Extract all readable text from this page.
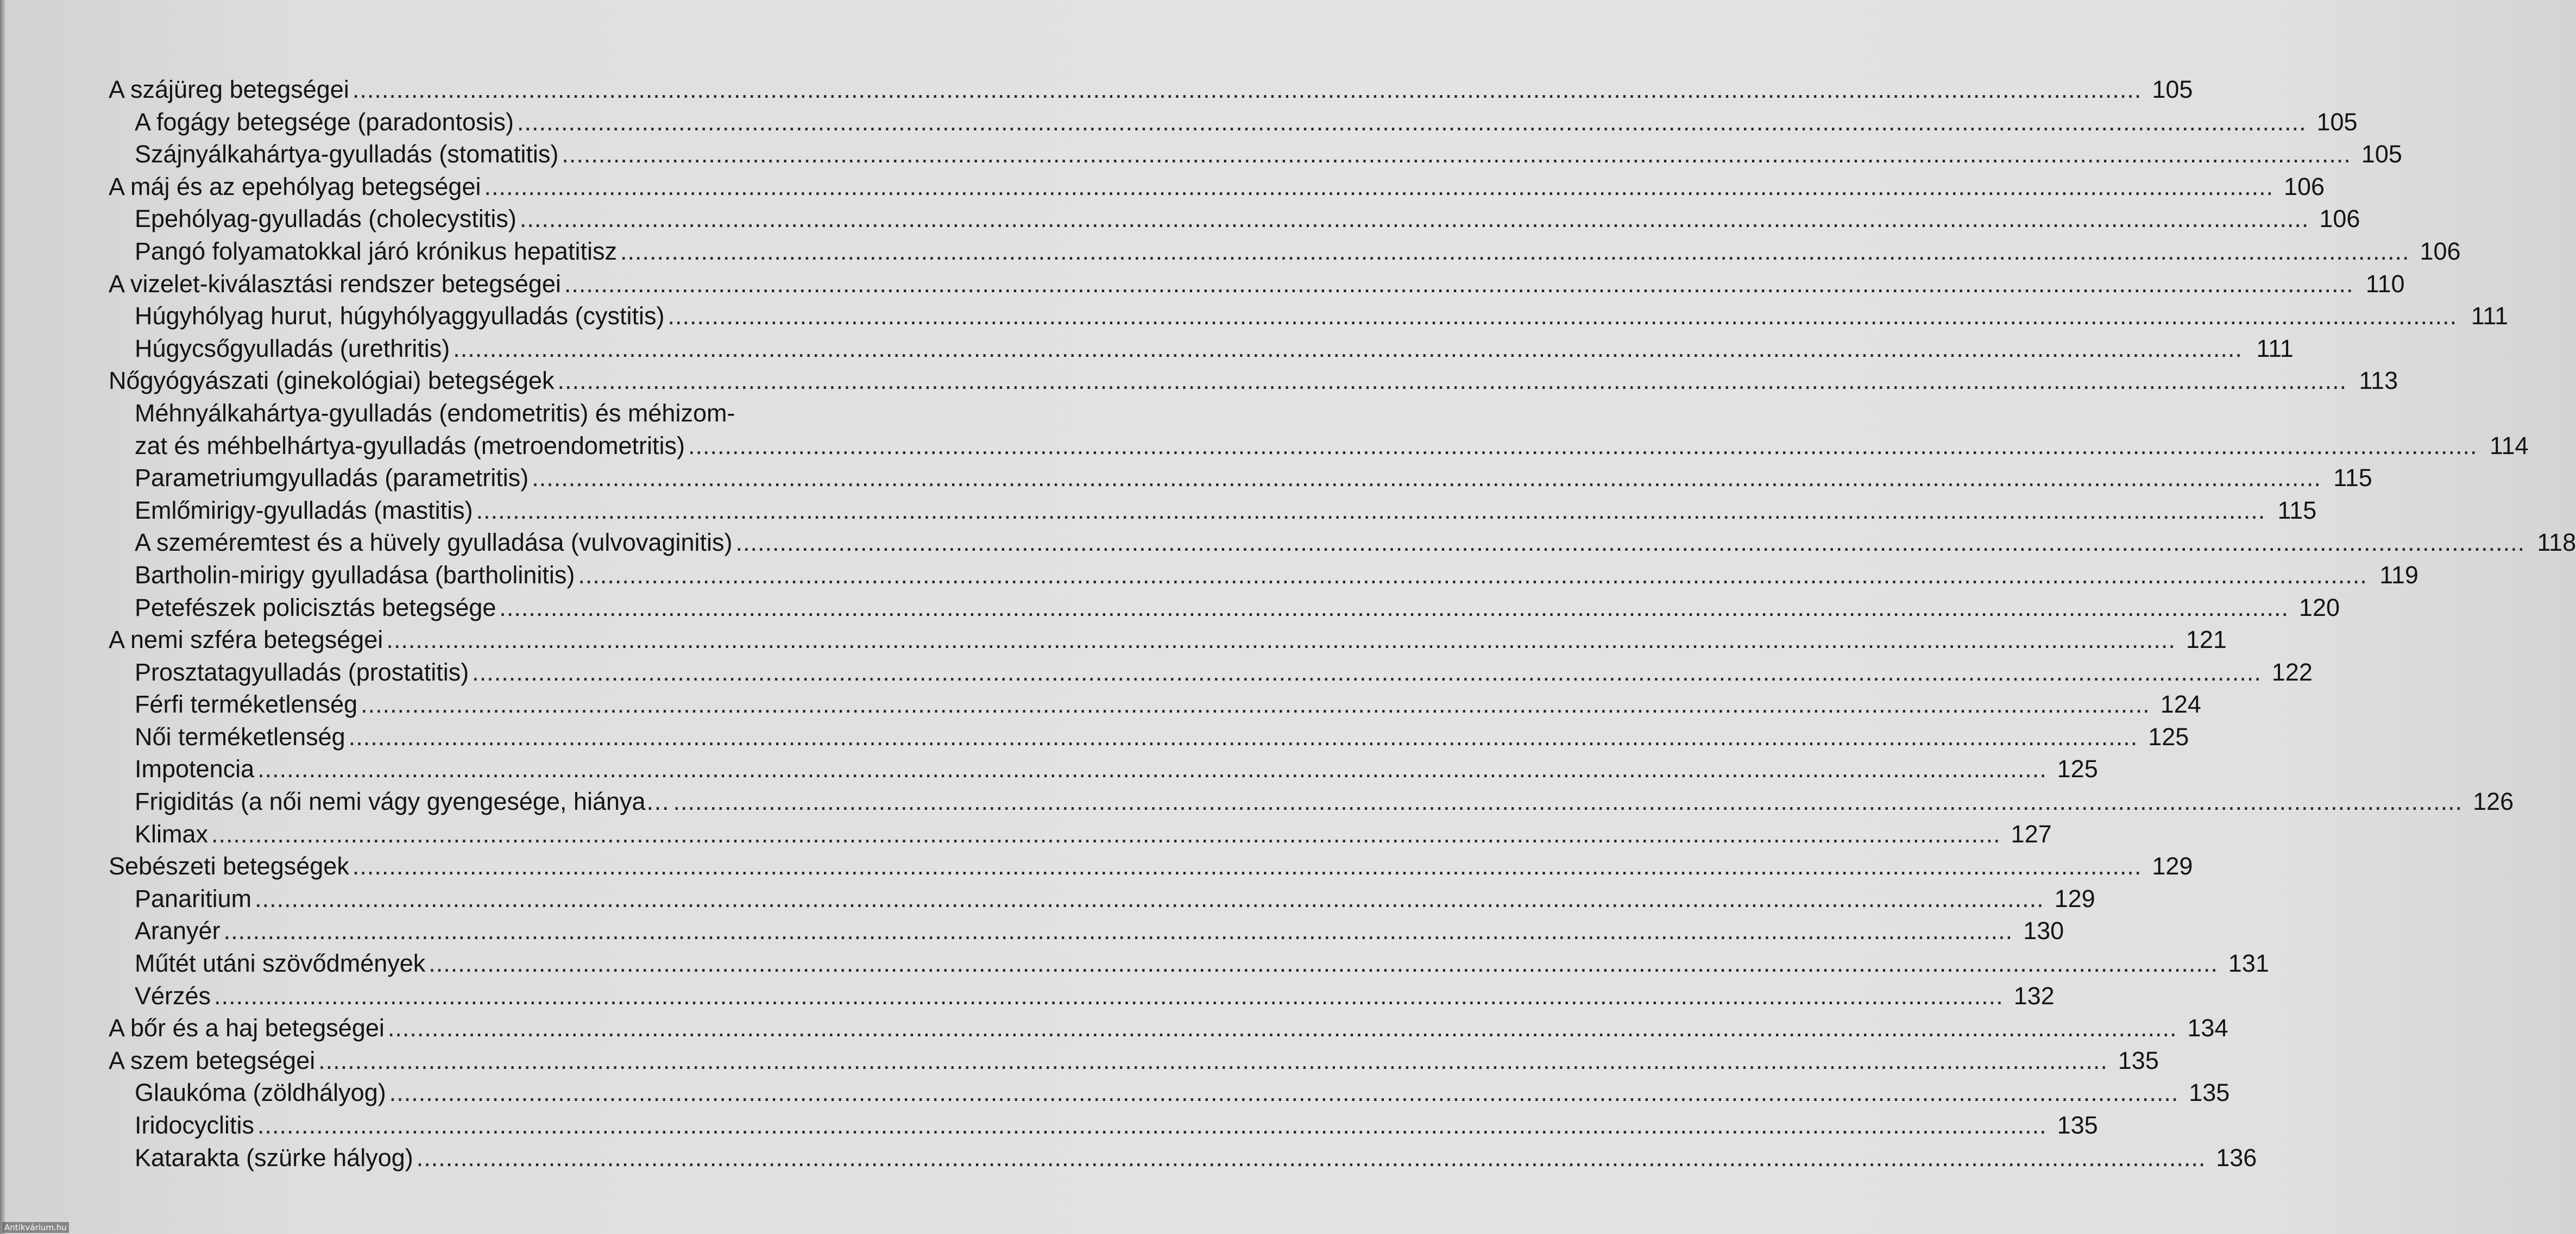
A szájüreg betegségei .....	105
A fogágy betegsége (paradontosis) .....	105
Szájnyálkahártya-gyulladás (stomatitis) .....	105
A máj és az epehólyag betegségei .....	106
Epehólyag-gyulladás (cholecystitis) .....	106
Pangó folyamatokkal járó krónikus hepatitisz .....	106
A vizelet-kiválasztási rendszer betegségei .....	110
Húgyhólyag hurut, húgyhólyaggyulladás (cystitis) .....	111
Húgycsőgyulladás (urethritis) .....	111
Nőgyógyászati (ginekológiai) betegségek .....	113
Méhnyálkahártya-gyulladás (endometritis) és méhizom-
zat és méhbelhártya-gyulladás (metroendometritis) .....	114
Parametriumgyulladás (parametritis) .....	115
Emlőmirigy-gyulladás (mastitis) .....	115
A szeméremtest és a hüvely gyulladása (vulvovaginitis) .....	118
Bartholin-mirigy gyulladása (bartholinitis) .....	119
Petefészek policisztás betegsége .....	120
A nemi szféra betegségei .....	121
Prosztatagyulladás (prostatitis) .....	122
Férfi terméketlenség .....	124
Női terméketlenség .....	125
Impotencia .....	125
Frigiditás (a női nemi vágy gyengesége, hiánya… .....	126
Klimax .....	127
Sebészeti betegségek .....	129
Panaritium .....	129
Aranyér .....	130
Műtét utáni szövődmények .....	131
Vérzés .....	132
A bőr és a haj betegségei .....	134
A szem betegségei .....	135
Glaukóma (zöldhályog) .....	135
Iridocyclitis .....	135
Katarakta (szürke hályog) .....	136
Antikvárium.hu
